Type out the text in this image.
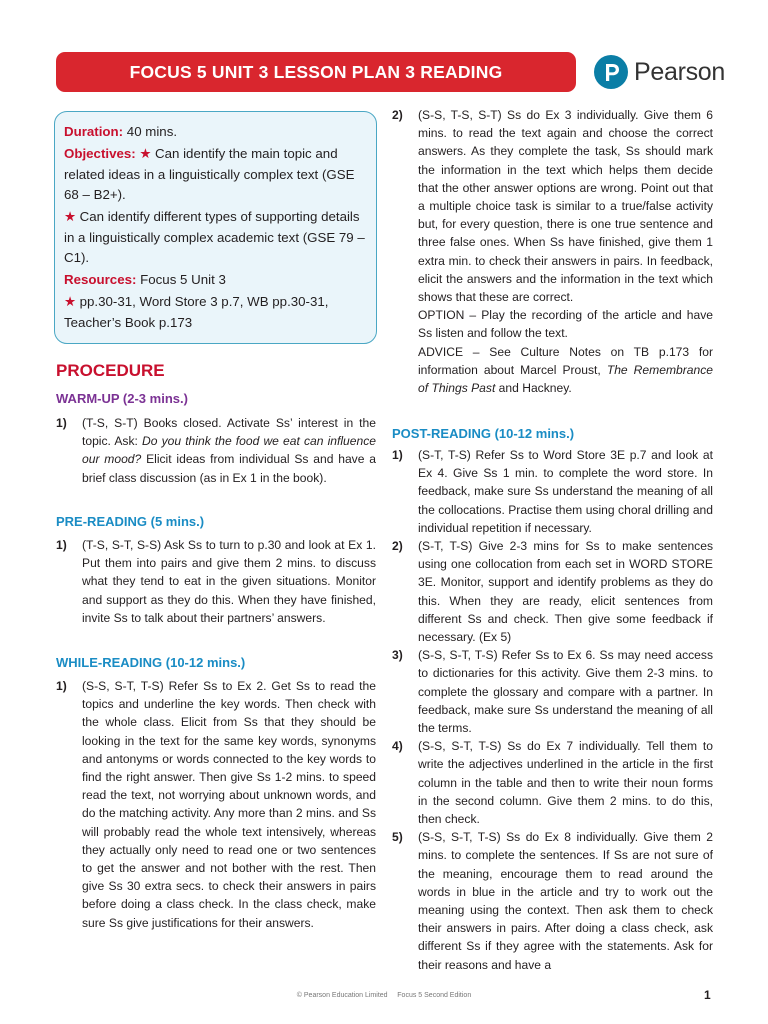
FOCUS 5 UNIT 3 LESSON PLAN 3 READING	Pearson

Duration: 40 mins.

Objectives: ★ Can identify the main topic and related ideas in a linguistically complex text (GSE 68 – B2+).

★ Can identify different types of supporting details in a linguistically complex academic text (GSE 79 – C1).

Resources: Focus 5 Unit 3

★ pp.30-31, Word Store 3 p.7, WB pp.30-31, Teacher’s Book p.173

PROCEDURE
WARM-UP (2-3 mins.)
1)	(T-S, S-T) Books closed. Activate Ss’ interest in the topic. Ask: Do you think the food we eat can influence our mood? Elicit ideas from individual Ss and have a brief class discussion (as in Ex 1 in the book).
PRE-READING (5 mins.)
1)	(T-S, S-T, S-S) Ask Ss to turn to p.30 and look at Ex 1. Put them into pairs and give them 2 mins. to discuss what they tend to eat in the given situations. Monitor and support as they do this. When they have finished, invite Ss to talk about their partners’ answers.
WHILE-READING (10-12 mins.)
1)	(S-S, S-T, T-S) Refer Ss to Ex 2. Get Ss to read the topics and underline the key words. Then check with the whole class. Elicit from Ss that they should be looking in the text for the same key words, synonyms and antonyms or words connected to the key words to find the right answer. Then give Ss 1-2 mins. to speed read the text, not worrying about unknown words, and do the matching activity. Any more than 2 mins. and Ss will probably read the whole text intensively, whereas they actually only need to read one or two sentences to get the answer and not bother with the rest. Then give Ss 30 extra secs. to check their answers in pairs before doing a class check. In the class check, make sure Ss give justifications for their answers.
2)	(S-S, T-S, S-T) Ss do Ex 3 individually. Give them 6 mins. to read the text again and choose the correct answers. As they complete the task, Ss should mark the information in the text which helps them decide that the other answer options are wrong. Point out that a multiple choice task is similar to a true/false activity but, for every question, there is one true sentence and three false ones. When Ss have finished, give them 1 extra min. to check their answers in pairs. In feedback, elicit the answers and the information in the text which shows that these are correct.
OPTION – Play the recording of the article and have Ss listen and follow the text.
ADVICE – See Culture Notes on TB p.173 for information about Marcel Proust, The Remembrance of Things Past and Hackney.
POST-READING (10-12 mins.)
1)	(S-T, T-S) Refer Ss to Word Store 3E p.7 and look at Ex 4. Give Ss 1 min. to complete the word store. In feedback, make sure Ss understand the meaning of all the collocations. Practise them using choral drilling and individual repetition if necessary.
2)	(S-T, T-S) Give 2-3 mins for Ss to make sentences using one collocation from each set in WORD STORE 3E. Monitor, support and identify problems as they do this. When they are ready, elicit sentences from different Ss and check. Then give some feedback if necessary. (Ex 5)
3)	(S-S, S-T, T-S) Refer Ss to Ex 6. Ss may need access to dictionaries for this activity. Give them 2-3 mins. to complete the glossary and compare with a partner. In feedback, make sure Ss understand the meaning of all the terms.
4)	(S-S, S-T, T-S) Ss do Ex 7 individually. Tell them to write the adjectives underlined in the article in the first column in the table and then to write their noun forms in the second column. Give them 2 mins. to do this, then check.
5)	(S-S, S-T, T-S) Ss do Ex 8 individually. Give them 2 mins. to complete the sentences. If Ss are not sure of the meaning, encourage them to read around the words in blue in the article and try to work out the meaning using the context. Then ask them to check their answers in pairs. After doing a class check, ask different Ss if they agree with the statements. Ask for their reasons and have a
© Pearson Education Limited Focus 5 Second Edition	1
